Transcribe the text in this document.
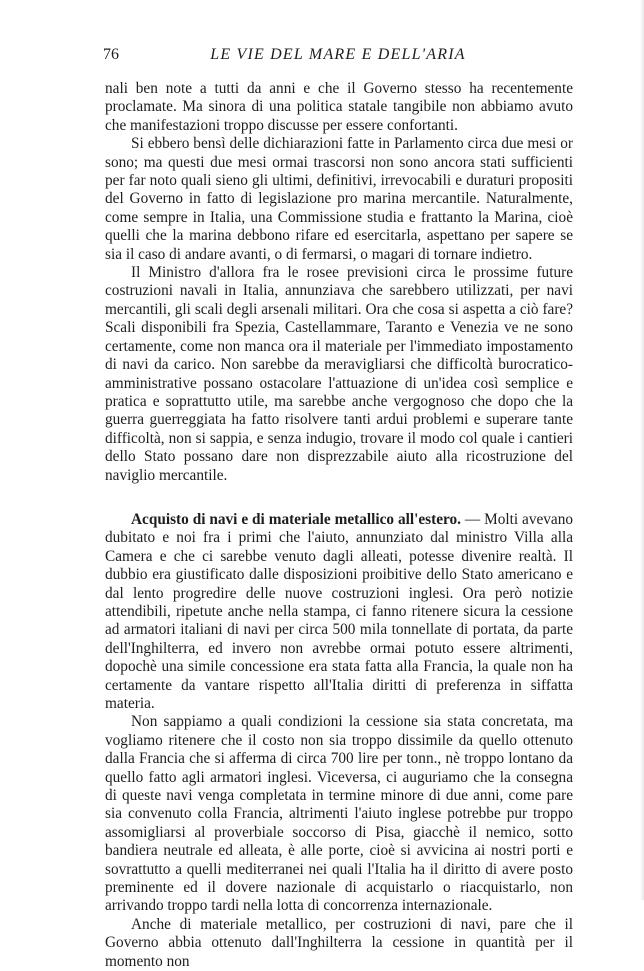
76	LE VIE DEL MARE E DELL'ARIA

nali ben note a tutti da anni e che il Governo stesso ha recentemente proclamate. Ma sinora di una politica statale tangibile non abbiamo avuto che manifestazioni troppo discusse per essere confortanti.

Si ebbero bensì delle dichiarazioni fatte in Parlamento circa due mesi or sono; ma questi due mesi ormai trascorsi non sono ancora stati sufficienti per far noto quali sieno gli ultimi, definitivi, irrevocabili e duraturi propositi del Governo in fatto di legislazione pro marina mercantile. Naturalmente, come sempre in Italia, una Commissione studia e frattanto la Marina, cioè quelli che la marina debbono rifare ed esercitarla, aspettano per sapere se sia il caso di andare avanti, o di fermarsi, o magari di tornare indietro.

Il Ministro d'allora fra le rosee previsioni circa le prossime future costruzioni navali in Italia, annunziava che sarebbero utilizzati, per navi mercantili, gli scali degli arsenali militari. Ora che cosa si aspetta a ciò fare? Scali disponibili fra Spezia, Castellammare, Taranto e Venezia ve ne sono certamente, come non manca ora il materiale per l'immediato impostamento di navi da carico. Non sarebbe da meravigliarsi che difficoltà burocratico-amministrative possano ostacolare l'attuazione di un'idea così semplice e pratica e soprattutto utile, ma sarebbe anche vergognoso che dopo che la guerra guerreggiata ha fatto risolvere tanti ardui problemi e superare tante difficoltà, non si sappia, e senza indugio, trovare il modo col quale i cantieri dello Stato possano dare non disprezzabile aiuto alla ricostruzione del naviglio mercantile.

Acquisto di navi e di materiale metallico all'estero. — Molti avevano dubitato e noi fra i primi che l'aiuto, annunziato dal ministro Villa alla Camera e che ci sarebbe venuto dagli alleati, potesse divenire realtà. Il dubbio era giustificato dalle disposizioni proibitive dello Stato americano e dal lento progredire delle nuove costruzioni inglesi. Ora però notizie attendibili, ripetute anche nella stampa, ci fanno ritenere sicura la cessione ad armatori italiani di navi per circa 500 mila tonnellate di portata, da parte dell'Inghilterra, ed invero non avrebbe ormai potuto essere altrimenti, dopochè una simile concessione era stata fatta alla Francia, la quale non ha certamente da vantare rispetto all'Italia diritti di preferenza in siffatta materia.

Non sappiamo a quali condizioni la cessione sia stata concretata, ma vogliamo ritenere che il costo non sia troppo dissimile da quello ottenuto dalla Francia che si afferma di circa 700 lire per tonn., nè troppo lontano da quello fatto agli armatori inglesi. Viceversa, ci auguriamo che la consegna di queste navi venga completata in termine minore di due anni, come pare sia convenuto colla Francia, altrimenti l'aiuto inglese potrebbe pur troppo assomigliarsi al proverbiale soccorso di Pisa, giacchè il nemico, sotto bandiera neutrale ed alleata, è alle porte, cioè si avvicina ai nostri porti e sovrattutto a quelli mediterranei nei quali l'Italia ha il diritto di avere posto preminente ed il dovere nazionale di acquistarlo o riacquistarlo, non arrivando troppo tardi nella lotta di concorrenza internazionale.

Anche di materiale metallico, per costruzioni di navi, pare che il Governo abbia ottenuto dall'Inghilterra la cessione in quantità per il momento non
